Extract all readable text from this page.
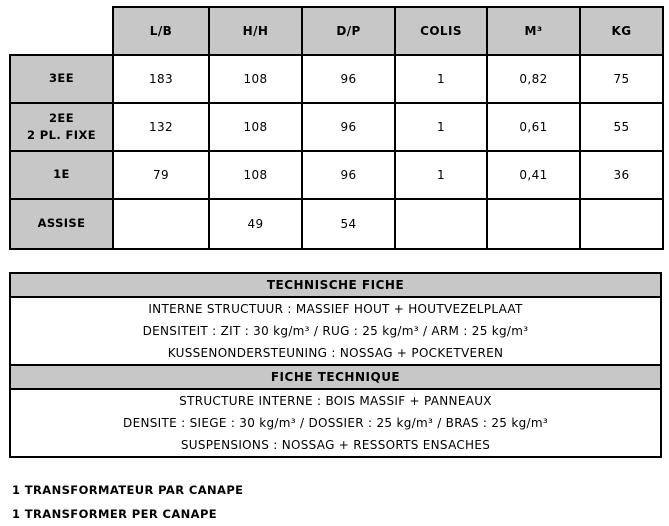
	L/B	H/H	D/P	COLIS	M³	KG
3EE	183	108	96	1	0,82	75

2EE
2 PL. FIXE	132	108	96	1	0,61	55
1E	79	108	96	1	0,41	36
ASSISE		49	54			
TECHNISCHE FICHE
INTERNE STRUCTUUR : MASSIEF HOUT + HOUTVEZELPLAAT
DENSITEIT : ZIT : 30 kg/m³ / RUG : 25 kg/m³ / ARM : 25 kg/m³
KUSSENONDERSTEUNING : NOSSAG + POCKETVEREN
FICHE TECHNIQUE
STRUCTURE INTERNE : BOIS MASSIF + PANNEAUX
DENSITE : SIEGE : 30 kg/m³ / DOSSIER : 25 kg/m³ / BRAS : 25 kg/m³
SUSPENSIONS : NOSSAG + RESSORTS ENSACHES
1 TRANSFORMATEUR PAR CANAPE
1 TRANSFORMER PER CANAPE
